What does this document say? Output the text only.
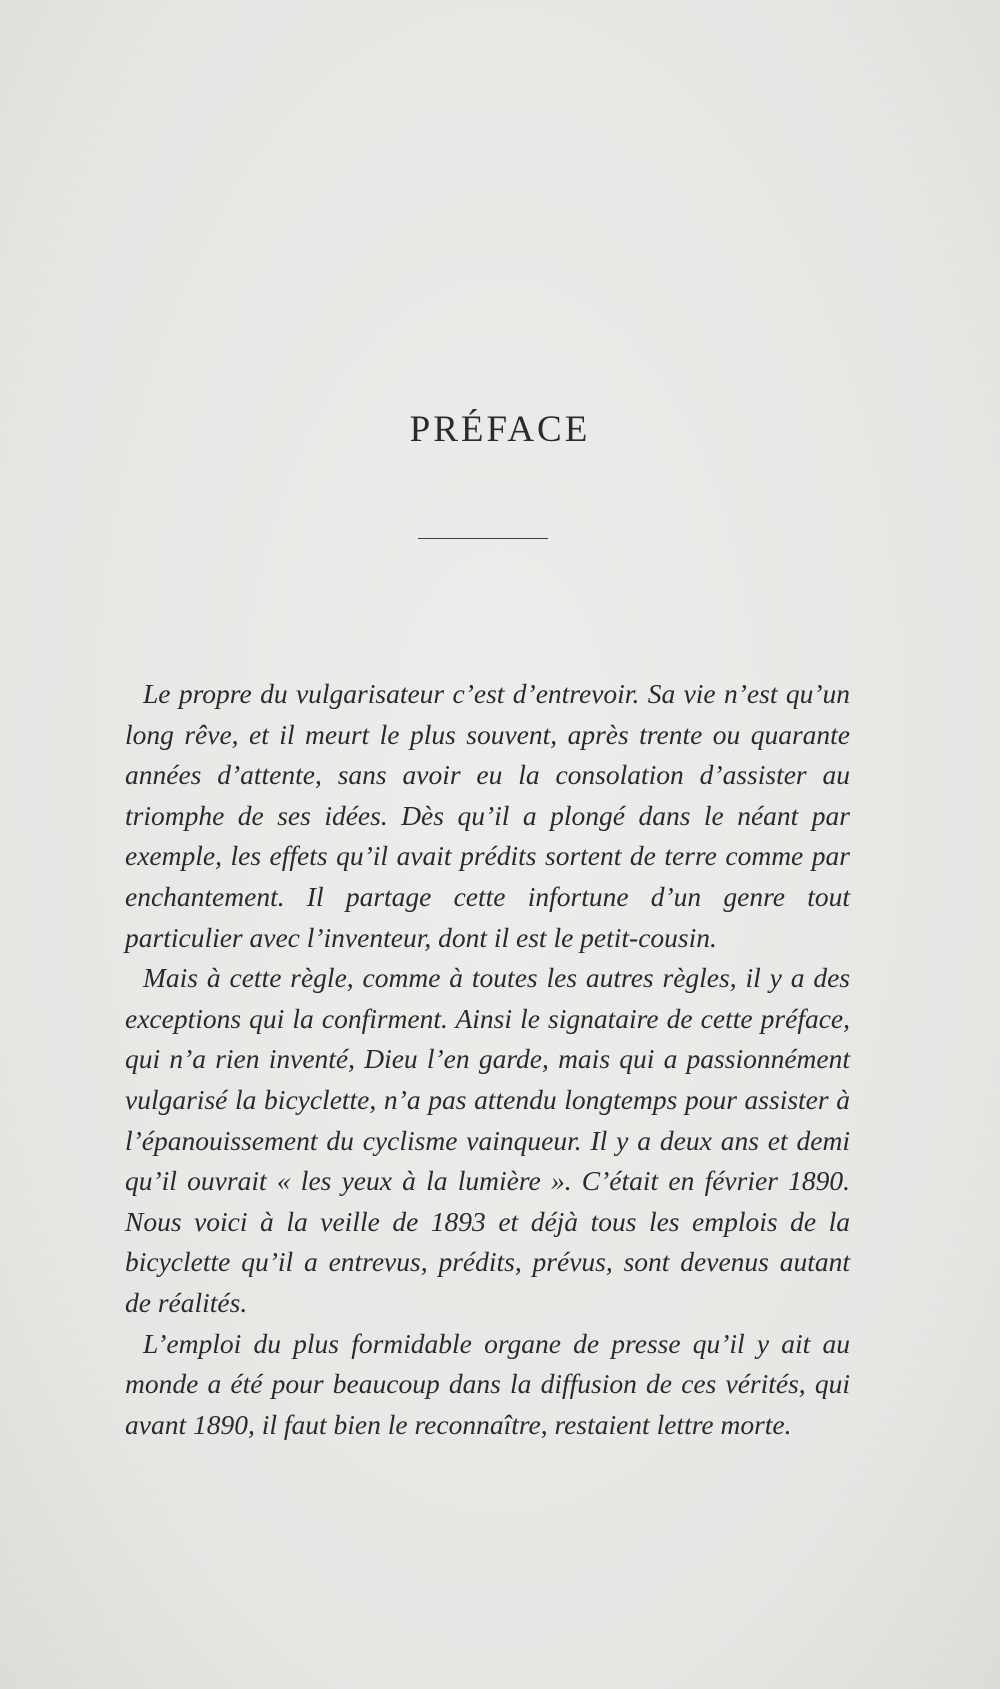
PRÉFACE

Le propre du vulgarisateur c’est d’entrevoir. Sa vie n’est qu’un long rêve, et il meurt le plus souvent, après trente ou quarante années d’attente, sans avoir eu la consolation d’assister au triomphe de ses idées. Dès qu’il a plongé dans le néant par exemple, les effets qu’il avait prédits sortent de terre comme par enchantement. Il partage cette infortune d’un genre tout particulier avec l’inventeur, dont il est le petit-cousin.

Mais à cette règle, comme à toutes les autres règles, il y a des exceptions qui la confirment. Ainsi le signataire de cette préface, qui n’a rien inventé, Dieu l’en garde, mais qui a passionnément vulgarisé la bicyclette, n’a pas attendu longtemps pour assister à l’épanouissement du cyclisme vainqueur. Il y a deux ans et demi qu’il ouvrait « les yeux à la lumière ». C’était en février 1890. Nous voici à la veille de 1893 et déjà tous les emplois de la bicyclette qu’il a entrevus, prédits, prévus, sont devenus autant de réalités.

L’emploi du plus formidable organe de presse qu’il y ait au monde a été pour beaucoup dans la diffusion de ces vérités, qui avant 1890, il faut bien le reconnaître, restaient lettre morte.
